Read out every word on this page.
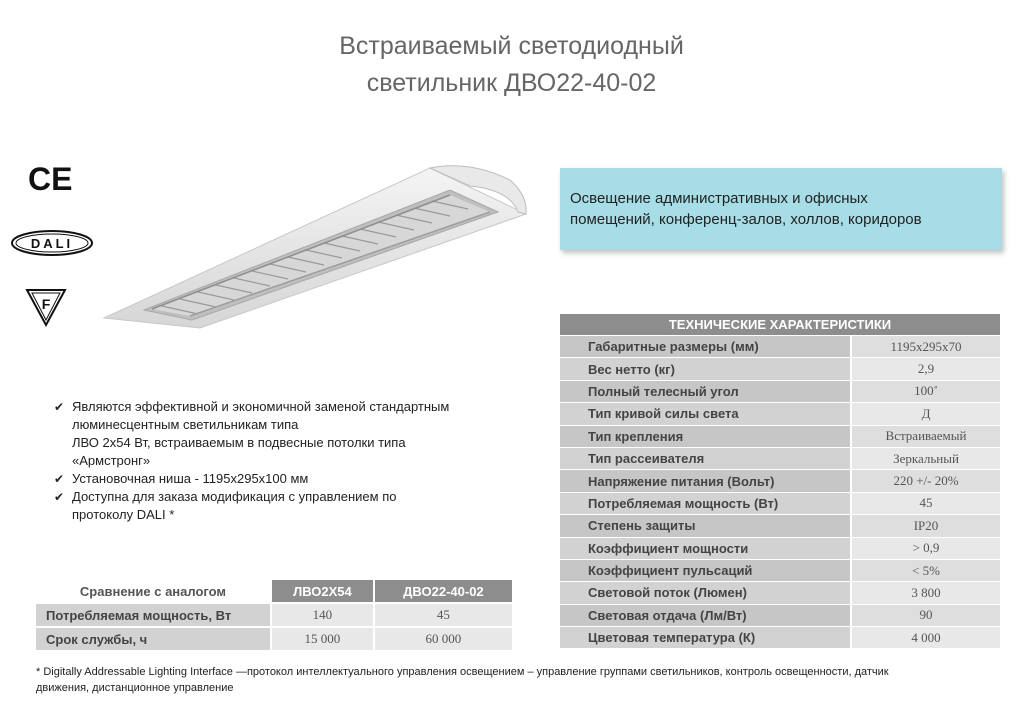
Встраиваемый светодиодный
светильник ДВО22-40-02
CE
DALI
F
Освещение административных и офисных
помещений, конференц-залов, холлов, коридоров
✔ Являются эффективной и экономичной заменой стандартным
люминесцентным светильникам типа
ЛВО 2х54 Вт, встраиваемым в подвесные потолки типа
«Армстронг»
✔ Установочная ниша - 1195х295х100 мм
✔ Доступна для заказа модификация с управлением по
протоколу DALI *
ТЕХНИЧЕСКИЕ ХАРАКТЕРИСТИКИ	
Габаритные размеры (мм)	1195х295х70
Вес нетто (кг)	2,9
Полный телесный угол	100˚
Тип кривой силы света	Д
Тип крепления	Встраиваемый
Тип рассеивателя	Зеркальный
Напряжение питания (Вольт)	220 +/- 20%
Потребляемая мощность (Вт)	45
Степень защиты	IP20
Коэффициент мощности	> 0,9
Коэффициент пульсаций	< 5%
Световой поток (Люмен)	3 800
Световая отдача (Лм/Вт)	90
Цветовая температура (К)	4 000
Сравнение с аналогом	ЛВО2Х54	ДВО22-40-02
Потребляемая мощность, Вт	140	45
Срок службы, ч	15 000	60 000
* Digitally Addressable Lighting Interface —протокол интеллектуального управления освещением – управление группами светильников, контроль освещенности, датчик
движения, дистанционное управление
